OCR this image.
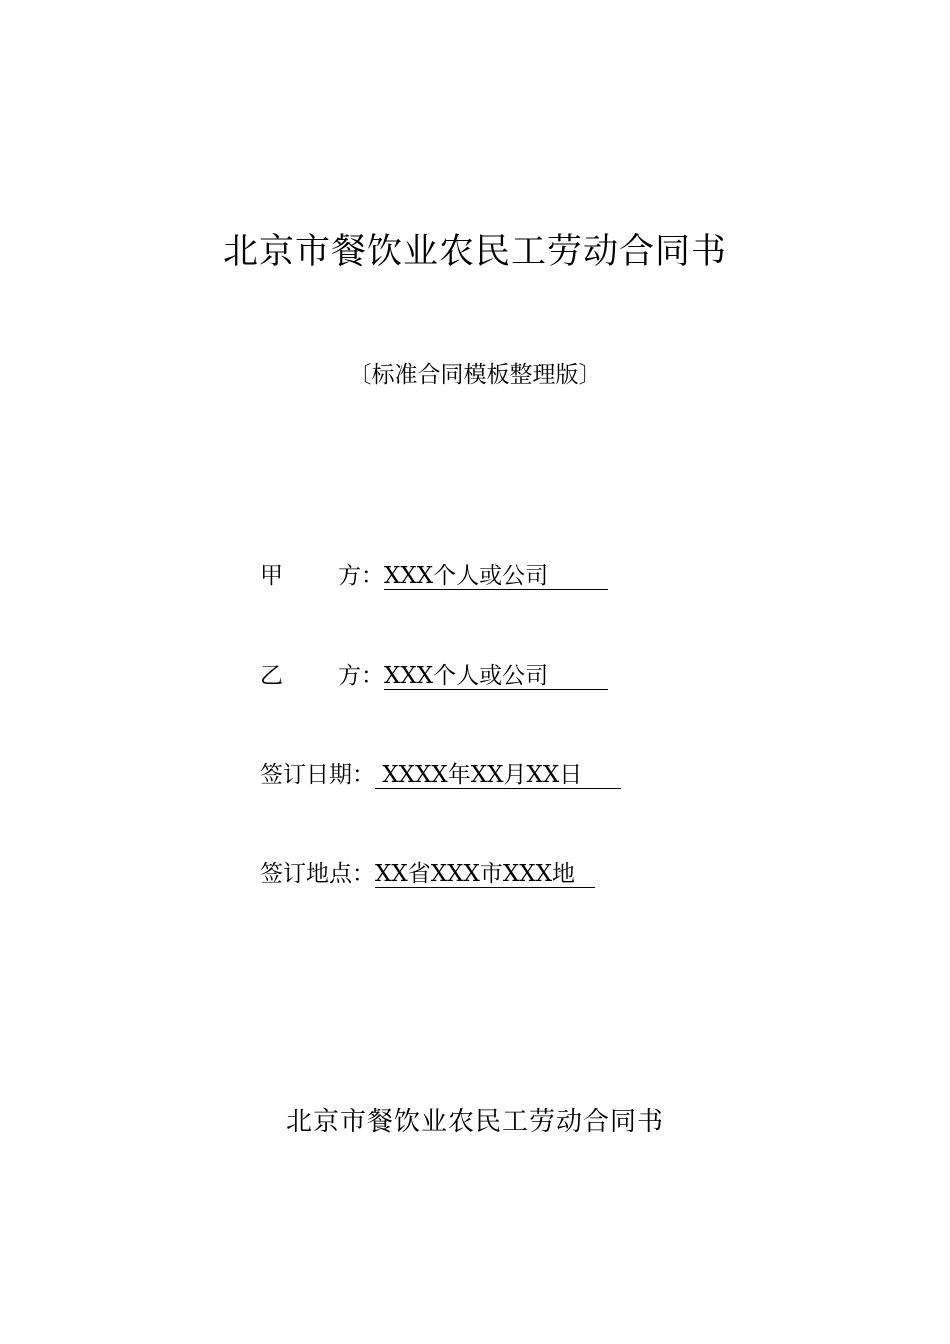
北京市餐饮业农民工劳动合同书
〔标准合同模板整理版〕
甲	方 ： XXX个人或公司
乙	方 ： XXX个人或公司
签订日期： XXXX年XX月XX日
签订地点： XX省XXX市XXX地
北京市餐饮业农民工劳动合同书
